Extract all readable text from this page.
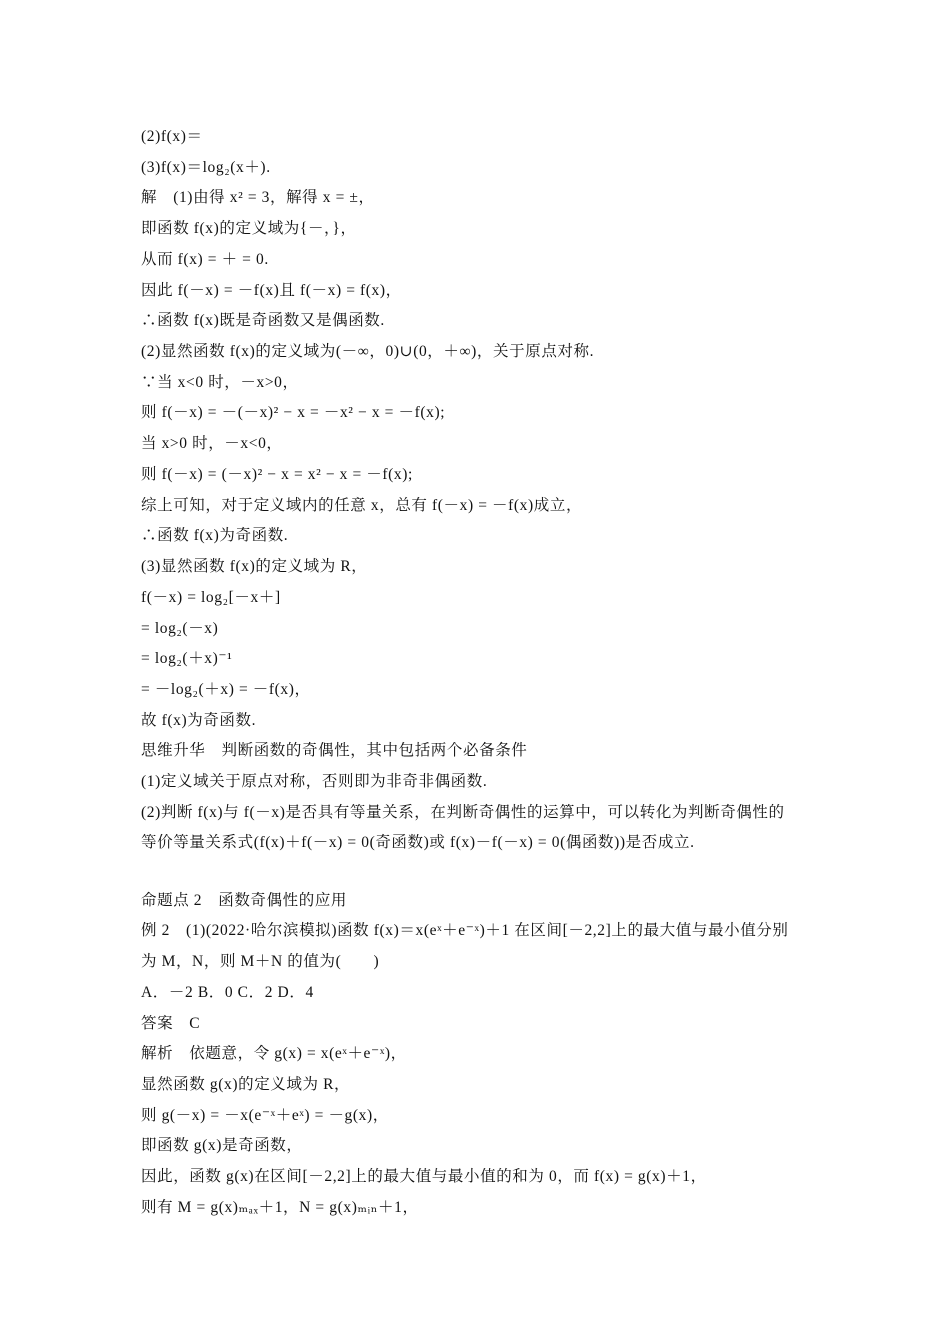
(2)f(x)＝
(3)f(x)＝log₂(x＋).
解　(1)由得 x² = 3，解得 x = ±，
即函数 f(x)的定义域为{－，}，
从而 f(x) = ＋ = 0.
因此 f(－x) = －f(x)且 f(－x) = f(x)，
∴函数 f(x)既是奇函数又是偶函数.
(2)显然函数 f(x)的定义域为(－∞，0)∪(0，＋∞)，关于原点对称.
∵当 x<0 时，－x>0，
则 f(－x) = －(－x)² − x = －x² − x = －f(x);
当 x>0 时，－x<0，
则 f(－x) = (－x)² − x = x² − x = －f(x);
综上可知，对于定义域内的任意 x，总有 f(－x) = －f(x)成立，
∴函数 f(x)为奇函数.
(3)显然函数 f(x)的定义域为 R，
f(－x) = log₂[－x＋]
= log₂(－x)
= log₂(＋x)⁻¹
= －log₂(＋x) = －f(x)，
故 f(x)为奇函数.
思维升华　判断函数的奇偶性，其中包括两个必备条件
(1)定义域关于原点对称，否则即为非奇非偶函数.
(2)判断 f(x)与 f(－x)是否具有等量关系，在判断奇偶性的运算中，可以转化为判断奇偶性的
等价等量关系式(f(x)＋f(－x) = 0(奇函数)或 f(x)－f(－x) = 0(偶函数))是否成立.
命题点 2　函数奇偶性的应用
例 2　(1)(2022·哈尔滨模拟)函数 f(x)＝x(eˣ＋e⁻ˣ)＋1 在区间[－2,2]上的最大值与最小值分别
为 M，N，则 M＋N 的值为(　　)
A．－2 B．0 C．2 D．4
答案　C
解析　依题意，令 g(x) = x(eˣ＋e⁻ˣ)，
显然函数 g(x)的定义域为 R，
则 g(－x) = －x(e⁻ˣ＋eˣ) = －g(x)，
即函数 g(x)是奇函数，
因此，函数 g(x)在区间[－2,2]上的最大值与最小值的和为 0，而 f(x) = g(x)＋1，
则有 M = g(x)ₘₐₓ＋1，N = g(x)ₘᵢₙ＋1，
